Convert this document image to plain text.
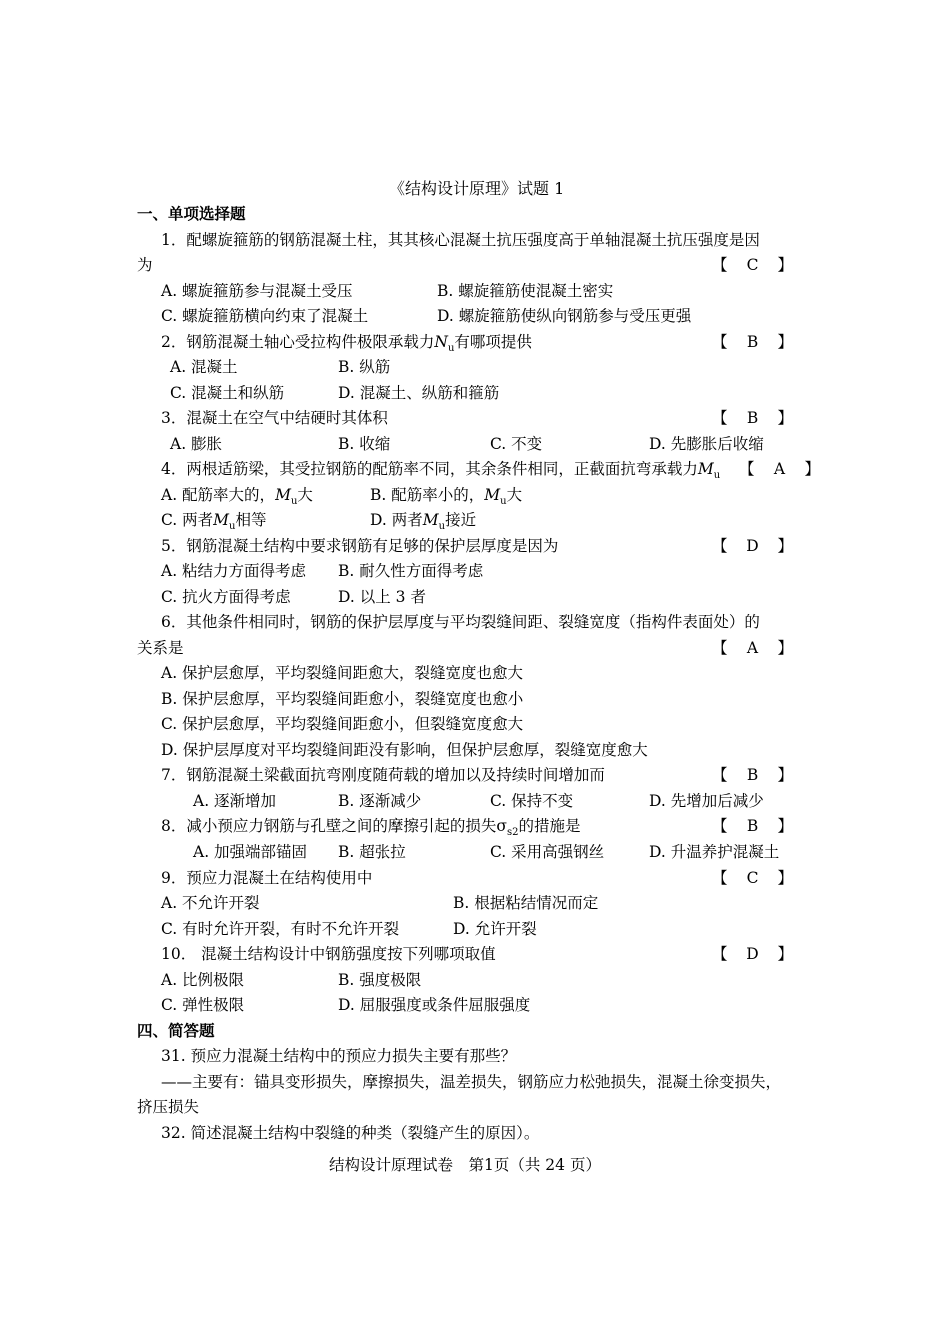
《结构设计原理》试题 1
一、单项选择题
1．配螺旋箍筋的钢筋混凝土柱，其其核心混凝土抗压强度高于单轴混凝土抗压强度是因
为	【 C 】
A. 螺旋箍筋参与混凝土受压	B. 螺旋箍筋使混凝土密实
C. 螺旋箍筋横向约束了混凝土	D. 螺旋箍筋使纵向钢筋参与受压更强
2．钢筋混凝土轴心受拉构件极限承载力$N_u$有哪项提供	【 B 】
A. 混凝土	B. 纵筋
C. 混凝土和纵筋	D. 混凝土、纵筋和箍筋
3．混凝土在空气中结硬时其体积	【 B 】
A. 膨胀	B. 收缩	C. 不变	D. 先膨胀后收缩
4．两根适筋梁，其受拉钢筋的配筋率不同，其余条件相同，正截面抗弯承载力$M_u$ 【 A 】
A. 配筋率大的，$M_u$大	B. 配筋率小的，$M_u$大
C. 两者$M_u$相等	D. 两者$M_u$接近
5．钢筋混凝土结构中要求钢筋有足够的保护层厚度是因为	【 D 】
A. 粘结力方面得考虑 B. 耐久性方面得考虑
C. 抗火方面得考虑	D. 以上 3 者
6．其他条件相同时，钢筋的保护层厚度与平均裂缝间距、裂缝宽度（指构件表面处）的
关系是	【 A 】
A. 保护层愈厚，平均裂缝间距愈大，裂缝宽度也愈大
B. 保护层愈厚，平均裂缝间距愈小，裂缝宽度也愈小
C. 保护层愈厚，平均裂缝间距愈小，但裂缝宽度愈大
D. 保护层厚度对平均裂缝间距没有影响，但保护层愈厚，裂缝宽度愈大
7．钢筋混凝土梁截面抗弯刚度随荷载的增加以及持续时间增加而	【 B 】
A. 逐渐增加	B. 逐渐减少	C. 保持不变	D. 先增加后减少
8．减小预应力钢筋与孔壁之间的摩擦引起的损失$\sigma_{s2}$的措施是	【 B 】
A. 加强端部锚固 B. 超张拉	C. 采用高强钢丝	D. 升温养护混凝土
9．预应力混凝土在结构使用中	【 C 】
A. 不允许开裂	B. 根据粘结情况而定
C. 有时允许开裂，有时不允许开裂	D. 允许开裂
10． 混凝土结构设计中钢筋强度按下列哪项取值	【 D 】
A. 比例极限	B. 强度极限
C. 弹性极限	D. 屈服强度或条件屈服强度
四、简答题
31. 预应力混凝土结构中的预应力损失主要有那些？
——主要有：锚具变形损失，摩擦损失，温差损失，钢筋应力松弛损失，混凝土徐变损失，
挤压损失
32. 简述混凝土结构中裂缝的种类（裂缝产生的原因）。
结构设计原理试卷　第1页（共 24 页）
